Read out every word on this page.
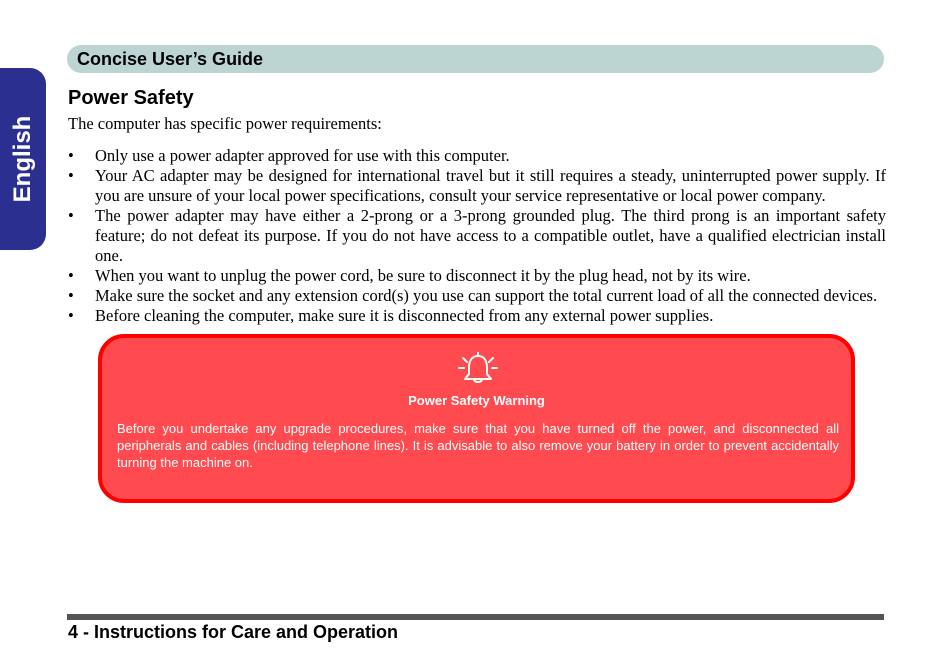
English
Concise User’s Guide
Power Safety

The computer has specific power requirements:

• Only use a power adapter approved for use with this computer.
• Your AC adapter may be designed for international travel but it still requires a steady, uninterrupted power supply. If you are unsure of your local power specifications, consult your service representative or local power company.
• The power adapter may have either a 2-prong or a 3-prong grounded plug. The third prong is an important safety feature; do not defeat its purpose. If you do not have access to a compatible outlet, have a qualified electrician install one.
• When you want to unplug the power cord, be sure to disconnect it by the plug head, not by its wire.
• Make sure the socket and any extension cord(s) you use can support the total current load of all the connected devices.
• Before cleaning the computer, make sure it is disconnected from any external power supplies.
Power Safety Warning

Before you undertake any upgrade procedures, make sure that you have turned off the power, and disconnected all peripherals and cables (including telephone lines). It is advisable to also remove your battery in order to prevent accidentally turning the machine on.

4 - Instructions for Care and Operation
